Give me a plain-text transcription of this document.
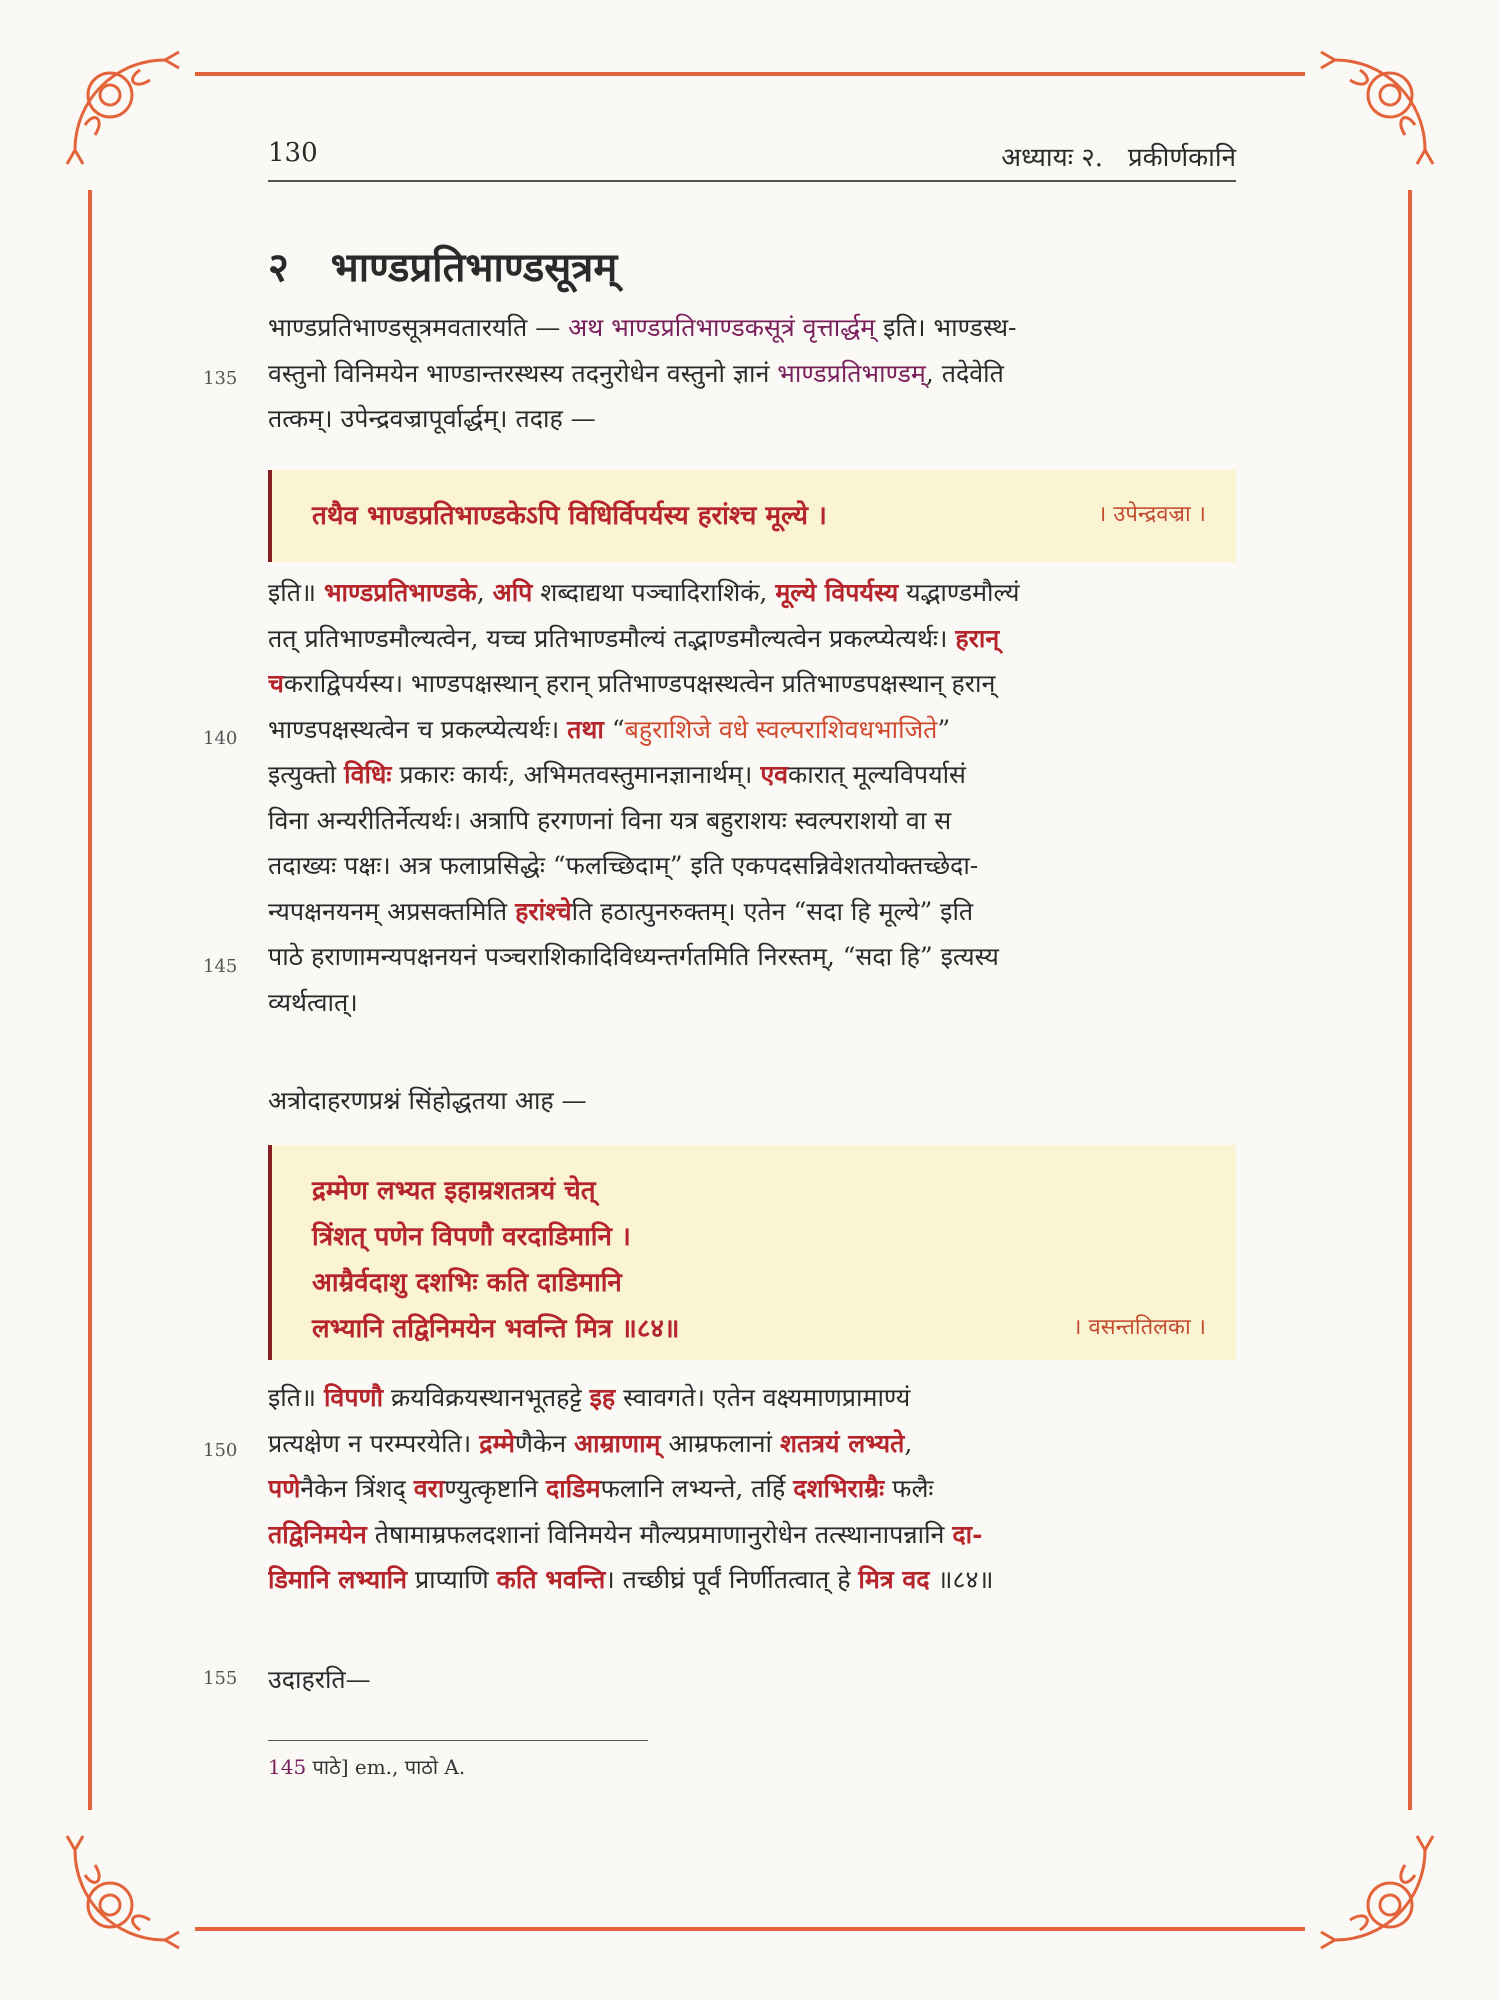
130	अध्यायः २.   प्रकीर्णकानि
२   भाण्डप्रतिभाण्डसूत्रम्
भाण्डप्रतिभाण्डसूत्रमवतारयति — अथ भाण्डप्रतिभाण्डकसूत्रं वृत्तार्द्धम् इति। भाण्डस्थ-
वस्तुनो विनिमयेन भाण्डान्तरस्थस्य तदनुरोधेन वस्तुनो ज्ञानं भाण्डप्रतिभाण्डम्, तदेवेति
तत्कम्। उपेन्द्रवज्रापूर्वार्द्धम्। तदाह —
135
तथैव भाण्डप्रतिभाण्डकेऽपि विधिर्विपर्यस्य हरांश्च मूल्ये ।	। उपेन्द्रवज्रा ।
इति॥ भाण्डप्रतिभाण्डके, अपि शब्दाद्यथा पञ्चादिराशिकं, मूल्ये विपर्यस्य यद्भाण्डमौल्यं
तत् प्रतिभाण्डमौल्यत्वेन, यच्च प्रतिभाण्डमौल्यं तद्भाण्डमौल्यत्वेन प्रकल्प्येत्यर्थः। हरान्
चकराद्विपर्यस्य। भाण्डपक्षस्थान् हरान् प्रतिभाण्डपक्षस्थत्वेन प्रतिभाण्डपक्षस्थान् हरान्
भाण्डपक्षस्थत्वेन च प्रकल्प्येत्यर्थः। तथा “बहुराशिजे वधे स्वल्पराशिवधभाजिते”
इत्युक्तो विधिः प्रकारः कार्यः, अभिमतवस्तुमानज्ञानार्थम्। एवकारात् मूल्यविपर्यासं
विना अन्यरीतिर्नेत्यर्थः। अत्रापि हरगणनां विना यत्र बहुराशयः स्वल्पराशयो वा स
तदाख्यः पक्षः। अत्र फलाप्रसिद्धेः “फलच्छिदाम्” इति एकपदसन्निवेशतयोक्तच्छेदा-
न्यपक्षनयनम् अप्रसक्तमिति हरांश्चेति हठात्पुनरुक्तम्। एतेन “सदा हि मूल्ये” इति
पाठे हराणामन्यपक्षनयनं पञ्चराशिकादिविध्यन्तर्गतमिति निरस्तम्, “सदा हि” इत्यस्य
व्यर्थत्वात्।
140
145
अत्रोदाहरणप्रश्नं सिंहोद्धतया आह —
द्रम्मेण लभ्यत इहाम्रशतत्रयं चेत्
त्रिंशत् पणेन विपणौ वरदाडिमानि ।
आम्रैर्वदाशु दशभिः कति दाडिमानि
लभ्यानि तद्विनिमयेन भवन्ति मित्र ॥८४॥	। वसन्ततिलका ।
इति॥ विपणौ क्रयविक्रयस्थानभूतहट्टे इह स्वावगते। एतेन वक्ष्यमाणप्रामाण्यं
प्रत्यक्षेण न परम्परयेति। द्रम्मेणैकेन आम्राणाम् आम्रफलानां शतत्रयं लभ्यते,
पणेनैकेन त्रिंशद् वराण्युत्कृष्टानि दाडिमफलानि लभ्यन्ते, तर्हि दशभिराम्रैः फलैः
तद्विनिमयेन तेषामाम्रफलदशानां विनिमयेन मौल्यप्रमाणानुरोधेन तत्स्थानापन्नानि दा-
डिमानि लभ्यानि प्राप्याणि कति भवन्ति। तच्छीघ्रं पूर्वं निर्णीतत्वात् हे मित्र वद ॥८४॥
150
उदाहरति—
155
145 पाठे] em., पाठो A.
